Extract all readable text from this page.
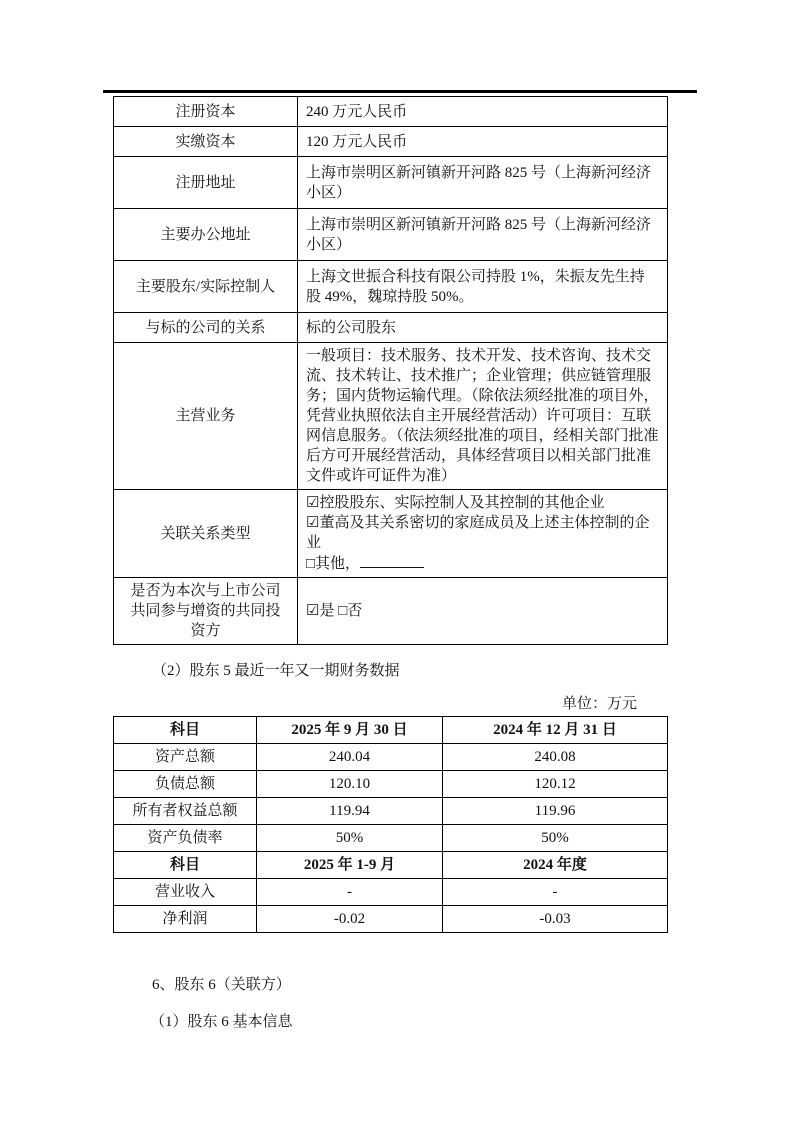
注册资本	240 万元人民币
实缴资本	120 万元人民币
注册地址	上海市崇明区新河镇新开河路 825 号（上海新河经济小区）
主要办公地址	上海市崇明区新河镇新开河路 825 号（上海新河经济小区）
主要股东/实际控制人	上海文世振合科技有限公司持股 1%，朱振友先生持股 49%，魏琼持股 50%。
与标的公司的关系	标的公司股东
主营业务	一般项目：技术服务、技术开发、技术咨询、技术交流、技术转让、技术推广；企业管理；供应链管理服务；国内货物运输代理。（除依法须经批准的项目外，凭营业执照依法自主开展经营活动）许可项目：互联网信息服务。（依法须经批准的项目，经相关部门批准后方可开展经营活动，具体经营项目以相关部门批准文件或许可证件为准）
关联关系类型	☑控股股东、实际控制人及其控制的其他企业
☑董高及其关系密切的家庭成员及上述主体控制的企业
□其他，

是否为本次与上市公司共同参与增资的共同投资方	☑是 □否
（2）股东 5 最近一年又一期财务数据
单位：万元
科目	2025 年 9 月 30 日	2024 年 12 月 31 日
资产总额	240.04	240.08
负债总额	120.10	120.12
所有者权益总额	119.94	119.96
资产负债率	50%	50%
科目	2025 年 1-9 月	2024 年度
营业收入	-	-
净利润	-0.02	-0.03
6、股东 6（关联方）
（1）股东 6 基本信息
